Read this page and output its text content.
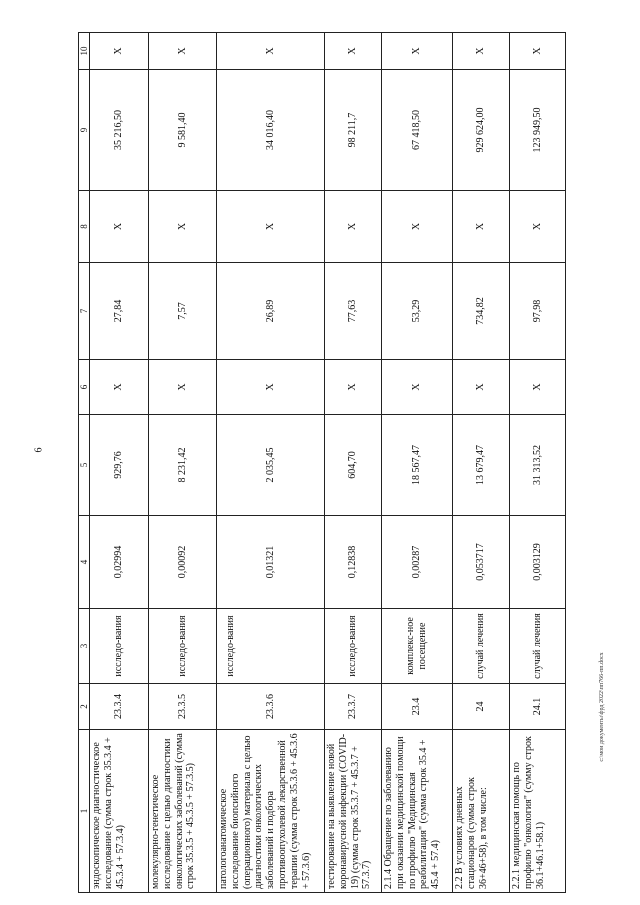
6
1	2	3	4	5	6	7	8	9	10
эндоскопическое диагностическое исследование (сумма строк 35.3.4 + 45.3.4 + 57.3.4)	23.3.4	исследо-вания	0,02994	929,76	X	27,84	X	35 216,50	X
молекулярно-генетическое исследование с целью диагностики онкологических заболеваний (сумма строк 35.3.5 + 45.3.5 + 57.3.5)	23.3.5	исследо-вания	0,00092	8 231,42	X	7,57	X	9 581,40	X
патологоанатомическое исследование биопсийного (операционного) материала с целью диагностики онкологических заболеваний и подбора противоопухолевой лекарственной терапии (сумма строк 35.3.6 + 45.3.6 + 57.3.6)	23.3.6	исследо-вания	0,01321	2 035,45	X	26,89	X	34 016,40	X
тестирование на выявление новой коронавирусной инфекции (COVID-19) (сумма строк 35.3.7 + 45.3.7 + 57.3.7)	23.3.7	исследо-вания	0,12838	604,70	X	77,63	X	98 211,7	X
2.1.4 Обращение по заболеванию при оказании медицинской помощи по профилю "Медицинская реабилитация" (сумма строк 35.4 + 45.4 + 57.4)	23.4	комплекс-ное посещение	0,00287	18 567,47	X	53,29	X	67 418,50	X
2.2 В условиях дневных стационаров (сумма строк 36+46+58), в том числе:	24	случай лечения	0,053717	13 679,47	X	734,82	X	929 624,00	X
2.2.1 медицинская помощь по профилю "онкология" (сумму строк 36.1+46.1+58.1)	24.1	случай лечения	0,003129	31 313,52	X	97,98	X	123 949,50	X
c:\мои документы\фрд 2022\пп766-пп.docx
